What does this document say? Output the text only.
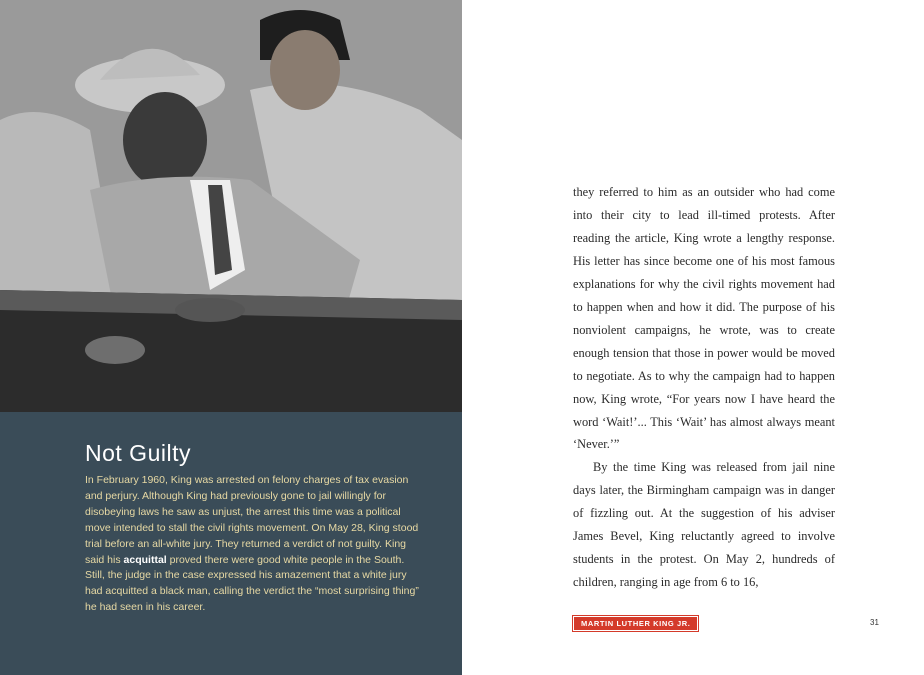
Not Guilty

In February 1960, King was arrested on felony charges of tax evasion and perjury. Although King had previously gone to jail willingly for disobeying laws he saw as unjust, the arrest this time was a political move intended to stall the civil rights movement. On May 28, King stood trial before an all-white jury. They returned a verdict of not guilty. King said his acquittal proved there were good white people in the South. Still, the judge in the case expressed his amazement that a white jury had acquitted a black man, calling the verdict the “most surprising thing” he had seen in his career.

they referred to him as an outsider who had come into their city to lead ill-timed protests. After reading the article, King wrote a lengthy response. His letter has since become one of his most famous explanations for why the civil rights movement had to happen when and how it did. The purpose of his nonviolent campaigns, he wrote, was to create enough tension that those in power would be moved to negotiate. As to why the campaign had to happen now, King wrote, “For years now I have heard the word ‘Wait!’... This ‘Wait’ has almost always meant ‘Never.’”

By the time King was released from jail nine days later, the Birmingham campaign was in danger of fizzling out. At the suggestion of his adviser James Bevel, King reluctantly agreed to involve students in the protest. On May 2, hundreds of children, ranging in age from 6 to 16,

MARTIN LUTHER KING JR.	31
